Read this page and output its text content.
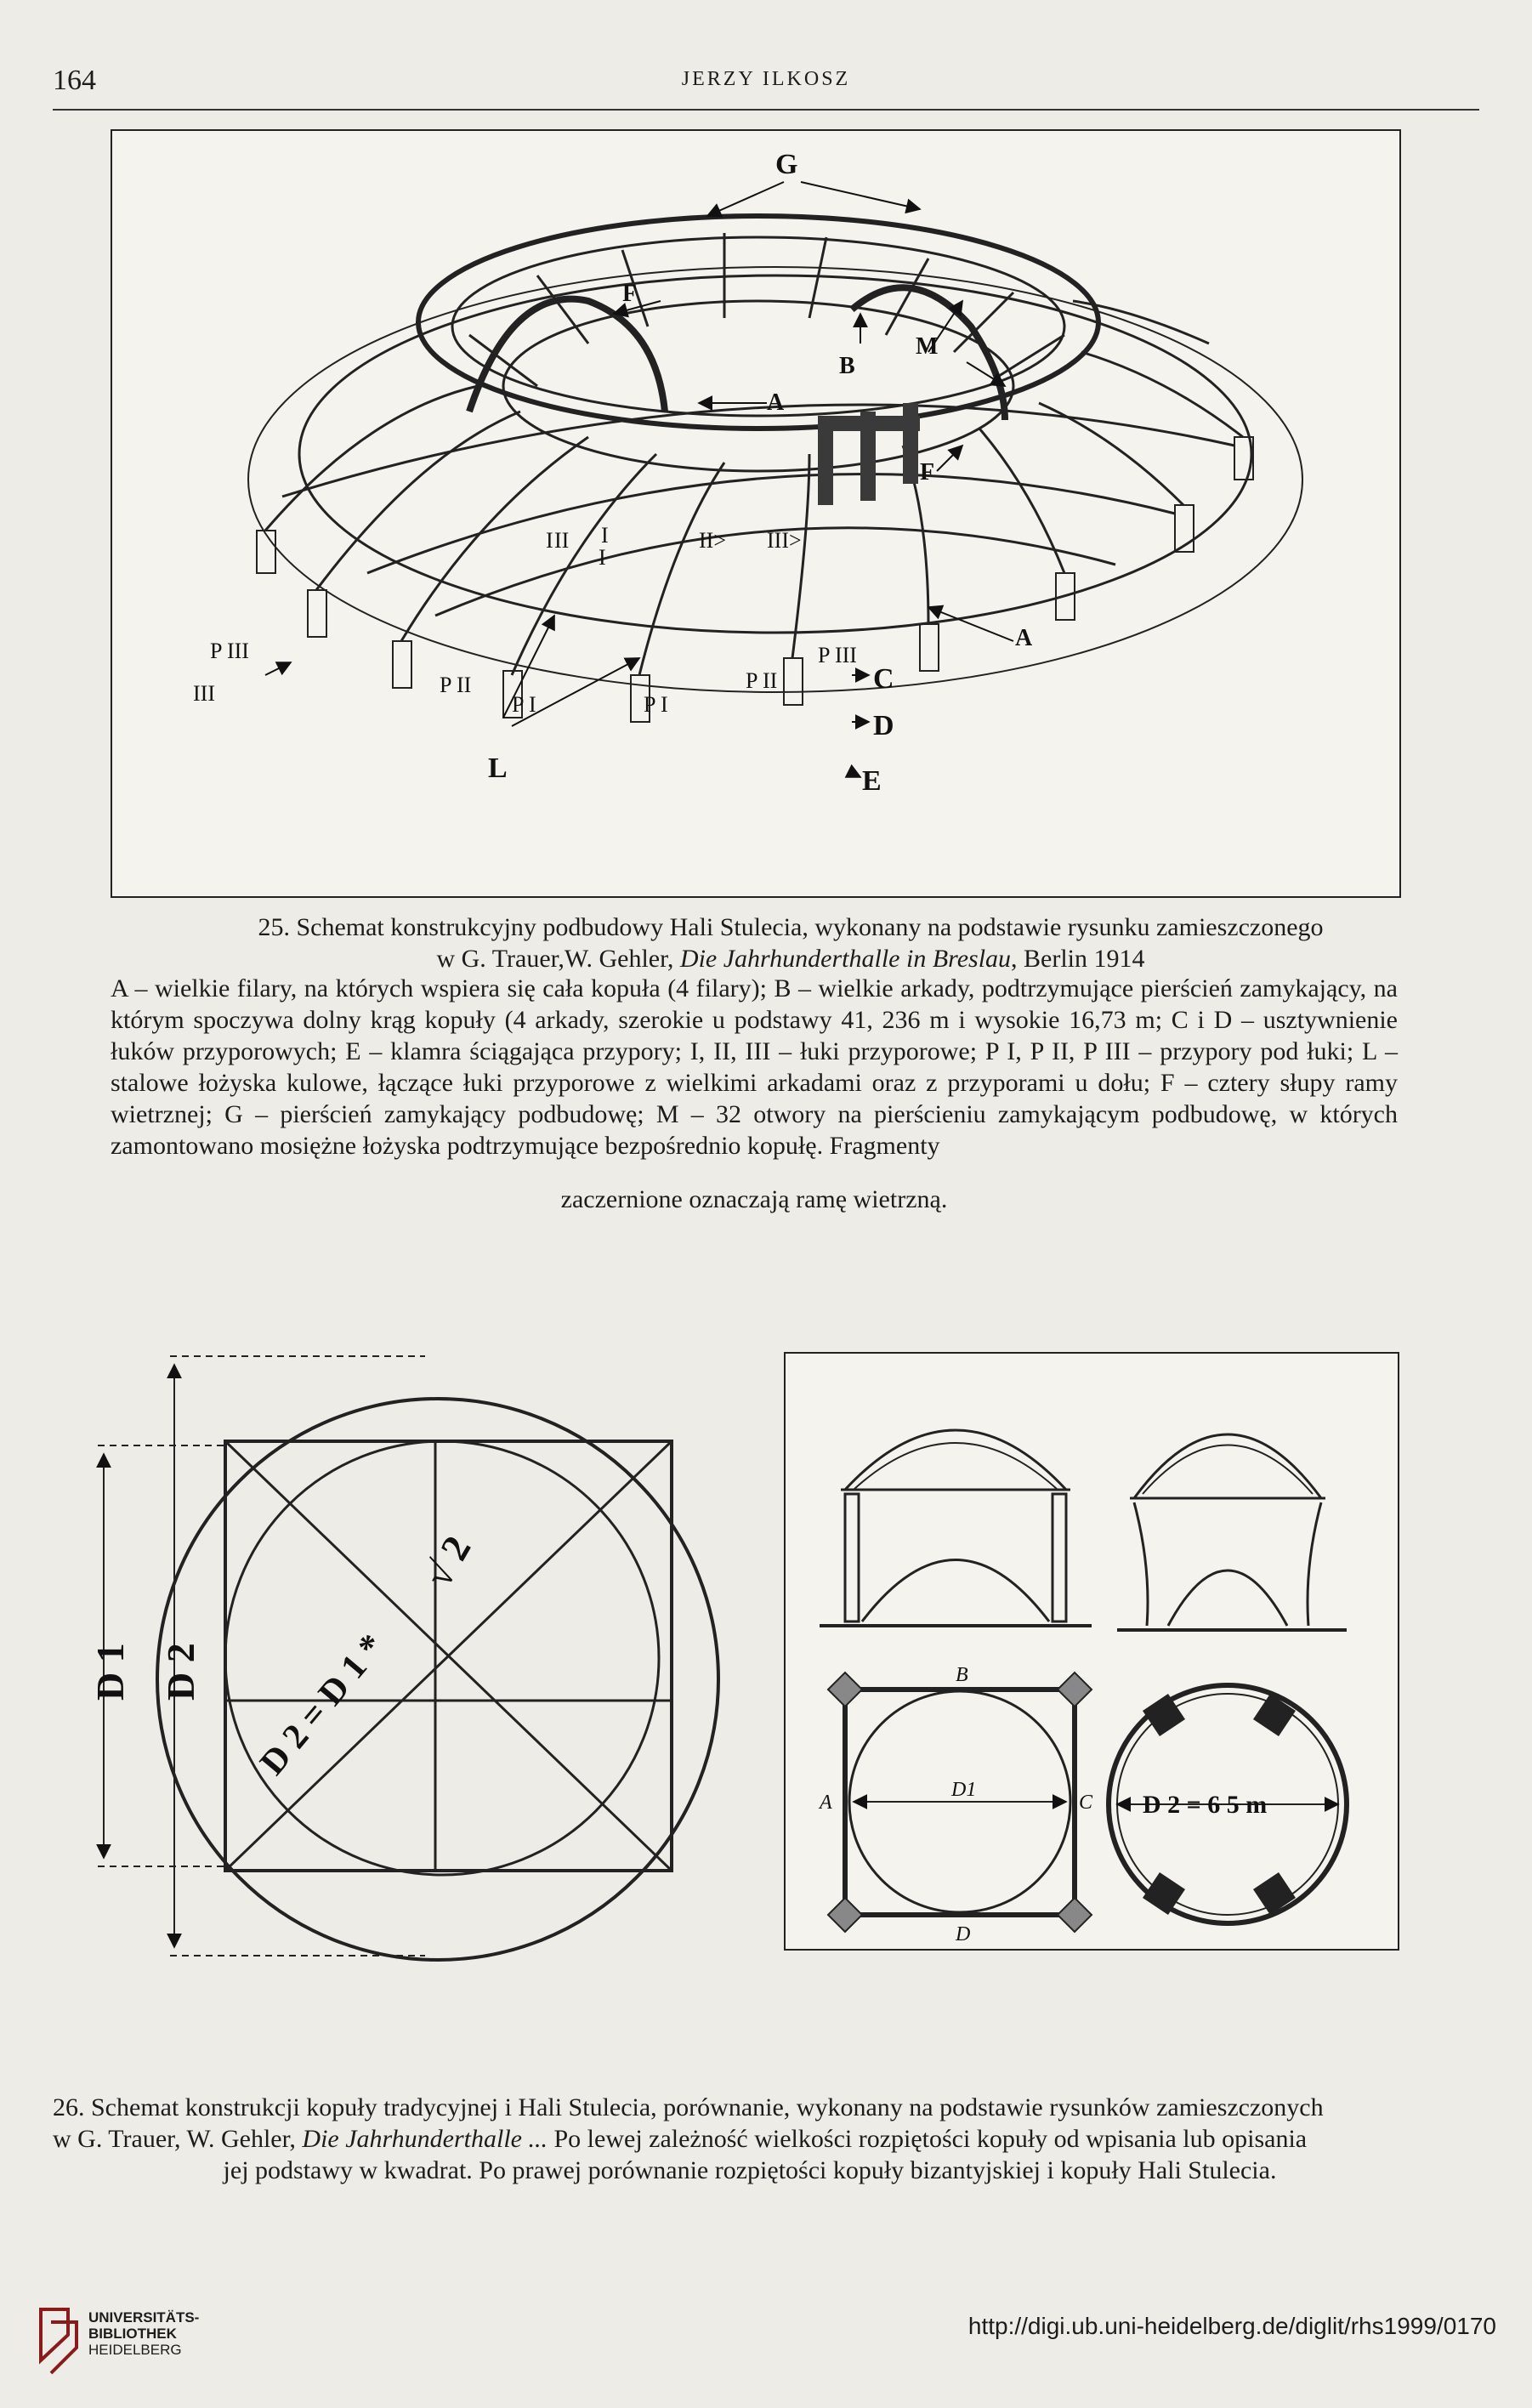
164	JERZY ILKOSZ
G
F
B
M
A
F
A
I
I
I II	II> III>
III
P III	P III
P II	P II
P I	P I
C
D
E
L
25. Schemat konstrukcyjny podbudowy Hali Stulecia, wykonany na podstawie rysunku zamieszczonego
w G. Trauer,W. Gehler, Die Jahrhunderthalle in Breslau, Berlin 1914
A – wielkie filary, na których wspiera się cała kopuła (4 filary); B – wielkie arkady, podtrzymujące pierścień zamykający, na którym spoczywa dolny krąg kopuły (4 arkady, szerokie u podstawy 41, 236 m i wysokie 16,73 m; C i D – usztywnienie łuków przyporowych; E – klamra ściągająca przypory; I, II, III – łuki przyporowe; P I, P II, P III – przypory pod łuki; L – stalowe łożyska kulowe, łączące łuki przyporowe z wielkimi arkadami oraz z przyporami u dołu; F – cztery słupy ramy wietrznej; G – pierścień zamykający podbudowę; M – 32 otwory na pierścieniu zamykającym podbudowę, w których zamontowano mosiężne łożyska podtrzymujące bezpośrednio kopułę. Fragmenty
zaczernione oznaczają ramę wietrzną.
D 1 D 2 D 2 = D 1 *
√ 2
B
A	C
D
D1
D 2 = 6 5 m
26. Schemat konstrukcji kopuły tradycyjnej i Hali Stulecia, porównanie, wykonany na podstawie rysunków zamieszczonych
w G. Trauer, W. Gehler, Die Jahrhunderthalle ... Po lewej zależność wielkości rozpiętości kopuły od wpisania lub opisania
jej podstawy w kwadrat. Po prawej porównanie rozpiętości kopuły bizantyjskiej i kopuły Hali Stulecia.
UNIVERSITÄTS-
BIBLIOTHEK
HEIDELBERG
http://digi.ub.uni-heidelberg.de/diglit/rhs1999/0170
